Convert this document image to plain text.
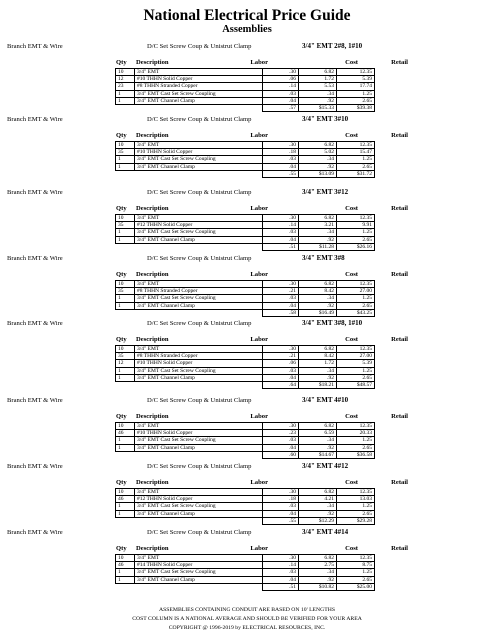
National Electrical Price Guide
Assemblies
Branch EMT & Wire	D/C Set Screw Coup & Unistrut Clamp	3/4" EMT 2#8, 1#10
Qty Description	Labor	Cost	Retail
10	3/4" EMT	.30	6.82	12.35
12	#10 THHN Solid Copper	.06	1.72	5.39
23	#8 THHN Stranded Copper	.14	5.53	17.74
1	3/4" EMT Cast Set Screw Coupling	.03	.34	1.25
1	3/4" EMT Channel Clamp	.04	.92	2.65
		.57	$15.33	$39.38
Branch EMT & Wire	D/C Set Screw Coup & Unistrut Clamp	3/4" EMT 3#10
Qty Description	Labor	Cost	Retail
10	3/4" EMT	.30	6.82	12.35
35	#10 THHN Solid Copper	.18	5.02	15.47
1	3/4" EMT Cast Set Screw Coupling	.03	.34	1.25
1	3/4" EMT Channel Clamp	.04	.92	2.65
		.55	$13.09	$31.72
Branch EMT & Wire	D/C Set Screw Coup & Unistrut Clamp	3/4" EMT 3#12
Qty Description	Labor	Cost	Retail
10	3/4" EMT	.30	6.82	12.35
35	#12 THHN Solid Copper	.14	3.21	9.91
1	3/4" EMT Cast Set Screw Coupling	.03	.34	1.25
1	3/4" EMT Channel Clamp	.04	.92	2.65
		.51	$11.28	$26.16
Branch EMT & Wire	D/C Set Screw Coup & Unistrut Clamp	3/4" EMT 3#8
Qty Description	Labor	Cost	Retail
10	3/4" EMT	.30	6.82	12.35
35	#8 THHN Stranded Copper	.21	8.42	27.00
1	3/4" EMT Cast Set Screw Coupling	.03	.34	1.25
1	3/4" EMT Channel Clamp	.04	.92	2.65
		.58	$16.49	$43.25
Branch EMT & Wire	D/C Set Screw Coup & Unistrut Clamp	3/4" EMT 3#8, 1#10
Qty Description	Labor	Cost	Retail
10	3/4" EMT	.30	6.82	12.35
35	#8 THHN Stranded Copper	.21	8.42	27.00
12	#10 THHN Solid Copper	.06	1.72	5.39
1	3/4" EMT Cast Set Screw Coupling	.03	.34	1.25
1	3/4" EMT Channel Clamp	.04	.92	2.65
		.64	$18.21	$48.57
Branch EMT & Wire	D/C Set Screw Coup & Unistrut Clamp	3/4" EMT 4#10
Qty Description	Labor	Cost	Retail
10	3/4" EMT	.30	6.82	12.35
46	#10 THHN Solid Copper	.23	6.59	20.33
1	3/4" EMT Cast Set Screw Coupling	.03	.34	1.25
1	3/4" EMT Channel Clamp	.04	.92	2.65
		.60	$14.67	$36.58
Branch EMT & Wire	D/C Set Screw Coup & Unistrut Clamp	3/4" EMT 4#12
Qty Description	Labor	Cost	Retail
10	3/4" EMT	.30	6.82	12.35
46	#12 THHN Solid Copper	.18	4.21	13.03
1	3/4" EMT Cast Set Screw Coupling	.03	.34	1.25
1	3/4" EMT Channel Clamp	.04	.92	2.65
		.55	$12.29	$29.28
Branch EMT & Wire	D/C Set Screw Coup & Unistrut Clamp	3/4" EMT 4#14
Qty Description	Labor	Cost	Retail
10	3/4" EMT	.30	6.82	12.35
46	#14 THHN Solid Copper	.14	2.75	8.75
1	3/4" EMT Cast Set Screw Coupling	.03	.34	1.25
1	3/4" EMT Channel Clamp	.04	.92	2.65
		.51	$10.82	$25.00
ASSEMBLIES CONTAINING CONDUIT ARE BASED ON 10' LENGTHS
COST COLUMN IS A NATIONAL AVERAGE AND SHOULD BE VERIFIED FOR YOUR AREA
COPYRIGHT @ 1996-2019 by ELECTRICAL RESOURCES, INC.
